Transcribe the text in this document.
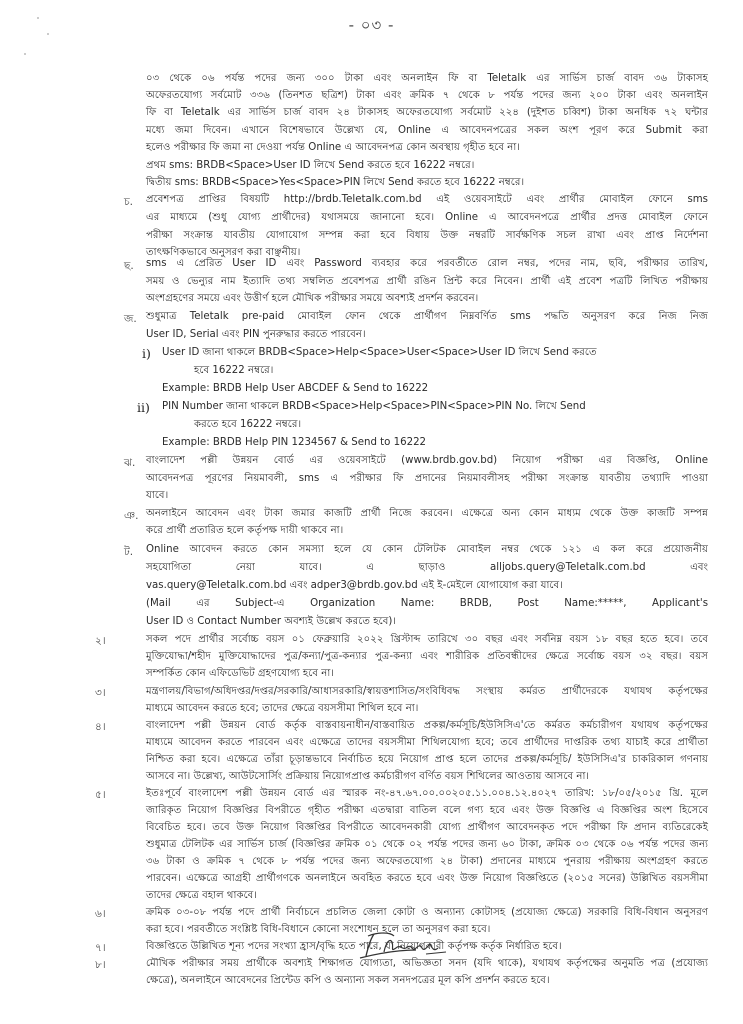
- ০৩ -
০৩ থেকে ০৬ পর্যন্ত পদের জন্য ৩০০ টাকা এবং অনলাইন ফি বা Teletalk এর সার্ভিস চার্জ বাবদ ৩৬ টাকাসহ
অফেরতযোগ্য সর্বমোট ৩৩৬ (তিনশত ছত্রিশ) টাকা এবং ক্রমিক ৭ থেকে ৮ পর্যন্ত পদের জন্য ২০০ টাকা এবং অনলাইন
ফি বা Teletalk এর সার্ভিস চার্জ বাবদ ২৪ টাকাসহ অফেরতযোগ্য সর্বমোট ২২৪ (দুইশত চব্বিশ) টাকা অনধিক ৭২ ঘন্টার
মধ্যে জমা দিবেন। এখানে বিশেষভাবে উল্লেখ্য যে, Online এ আবেদনপত্রের সকল অংশ পূরণ করে Submit করা
হলেও পরীক্ষার ফি জমা না দেওয়া পর্যন্ত Online এ আবেদনপত্র কোন অবস্থায় গৃহীত হবে না।
প্রথম sms: BRDB<Space>User ID লিখে Send করতে হবে 16222 নম্বরে।
দ্বিতীয় sms: BRDB<Space>Yes<Space>PIN লিখে Send করতে হবে 16222 নম্বরে।
চ. প্রবেশপত্র প্রাপ্তির বিষয়টি http://brdb.Teletalk.com.bd এই ওয়েবসাইটে এবং প্রার্থীর মোবাইল ফোনে sms
এর মাধ্যমে (শুধু যোগ্য প্রার্থীদের) যথাসময়ে জানানো হবে। Online এ আবেদনপত্রে প্রার্থীর প্রদত্ত মোবাইল ফোনে
পরীক্ষা সংক্রান্ত যাবতীয় যোগাযোগ সম্পন্ন করা হবে বিধায় উক্ত নম্বরটি সার্বক্ষণিক সচল রাখা এবং প্রাপ্ত নির্দেশনা
তাৎক্ষণিকভাবে অনুসরণ করা বাঞ্ছনীয়।
ছ. sms এ প্রেরিত User ID এবং Password ব্যবহার করে পরবর্তীতে রোল নম্বর, পদের নাম, ছবি, পরীক্ষার তারিখ,
সময় ও ভেন্যুর নাম ইত্যাদি তথ্য সম্বলিত প্রবেশপত্র প্রার্থী রঙিন প্রিন্ট করে নিবেন। প্রার্থী এই প্রবেশ পত্রটি লিখিত পরীক্ষায়
অংশগ্রহণের সময়ে এবং উত্তীর্ণ হলে মৌখিক পরীক্ষার সময়ে অবশ্যই প্রদর্শন করবেন।
জ. শুধুমাত্র Teletalk pre-paid মোবাইল ফোন থেকে প্রার্থীগণ নিম্নবর্ণিত sms পদ্ধতি অনুসরণ করে নিজ নিজ
User ID, Serial এবং PIN পুনরুদ্ধার করতে পারবেন।
i) User ID জানা থাকলে BRDB<Space>Help<Space>User<Space>User ID লিখে Send করতে
হবে 16222 নম্বরে।
Example: BRDB Help User ABCDEF & Send to 16222
ii) PIN Number জানা থাকলে BRDB<Space>Help<Space>PIN<Space>PIN No. লিখে Send
করতে হবে 16222 নম্বরে।
Example: BRDB Help PIN 1234567 & Send to 16222
ঝ. বাংলাদেশ পল্লী উন্নয়ন বোর্ড এর ওয়েবসাইটে (www.brdb.gov.bd) নিয়োগ পরীক্ষা এর বিজ্ঞপ্তি, Online
আবেদনপত্র পূরণের নিয়মাবলী, sms এ পরীক্ষার ফি প্রদানের নিয়মাবলীসহ পরীক্ষা সংক্রান্ত যাবতীয় তথ্যাদি পাওয়া
যাবে।
ঞ. অনলাইনে আবেদন এবং টাকা জমার কাজটি প্রার্থী নিজে করবেন। এক্ষেত্রে অন্য কোন মাধ্যম থেকে উক্ত কাজটি সম্পন্ন
করে প্রার্থী প্রতারিত হলে কর্তৃপক্ষ দায়ী থাকবে না।
ট. Online আবেদন করতে কোন সমস্যা হলে যে কোন টেলিটক মোবাইল নম্বর থেকে ১২১ এ কল করে প্রয়োজনীয়
সহযোগিতা নেয়া যাবে। এ ছাড়াও alljobs.query@Teletalk.com.bd এবং
vas.query@Teletalk.com.bd এবং adper3@brdb.gov.bd এই ই-মেইলে যোগাযোগ করা যাবে।
(Mail এর Subject-এ Organization Name: BRDB, Post Name:*****, Applicant's
User ID ও Contact Number অবশ্যই উল্লেখ করতে হবে)।
২।	সকল পদে প্রার্থীর সর্বোচ্চ বয়স ০১ ফেব্রুয়ারি ২০২২ খ্রিস্টাব্দ তারিখে ৩০ বছর এবং সর্বনিম্ন বয়স ১৮ বছর হতে হবে। তবে
মুক্তিযোদ্ধা/শহীদ মুক্তিযোদ্ধাদের পুত্র/কন্যা/পুত্র-কন্যার পুত্র-কন্যা এবং শারীরিক প্রতিবন্ধীদের ক্ষেত্রে সর্বোচ্চ বয়স ৩২ বছর। বয়স
সম্পর্কিত কোন এফিডেভিট গ্রহণযোগ্য হবে না।
৩।	মন্ত্রণালয়/বিভাগ/অধিদপ্তর/দপ্তর/সরকারি/আধাসরকারি/স্বায়ত্তশাসিত/সংবিধিবদ্ধ সংস্থায় কর্মরত প্রার্থীদেরকে যথাযথ কর্তৃপক্ষের
মাধ্যমে আবেদন করতে হবে; তাদের ক্ষেত্রে বয়সসীমা শিথিল হবে না।
৪।	বাংলাদেশ পল্লী উন্নয়ন বোর্ড কর্তৃক বাস্তবায়নাধীন/বাস্তবায়িত প্রকল্প/কর্মসূচি/ইউসিসিএ'তে কর্মরত কর্মচারীগণ যথাযথ কর্তৃপক্ষের
মাধ্যমে আবেদন করতে পারবেন এবং এক্ষেত্রে তাদের বয়সসীমা শিথিলযোগ্য হবে; তবে প্রার্থীদের দাপ্তরিক তথ্য যাচাই করে প্রার্থীতা
নিশ্চিত করা হবে। এক্ষেত্রে তাঁরা চূড়ান্তভাবে নির্বাচিত হয়ে নিয়োগ প্রাপ্ত হলে তাদের প্রকল্প/কর্মসূচি/ ইউসিসিএ'র চাকরিকাল গণনায়
আসবে না। উল্লেখ্য, আউটসোর্সিং প্রক্রিয়ায় নিয়োগপ্রাপ্ত কর্মচারীগণ বর্ণিত বয়স শিথিলের আওতায় আসবে না।
৫।	ইতঃপূর্বে বাংলাদেশ পল্লী উন্নয়ন বোর্ড এর স্মারক নং-৪৭.৬৭.০০.০০২০৫.১১.০০৪.১২.৪০২৭ তারিখ: ১৮/০৫/২০১৫ খ্রি. মূলে
জারিকৃত নিয়োগ বিজ্ঞপ্তির বিপরীতে গৃহীত পরীক্ষা এতদ্বারা বাতিল বলে গণ্য হবে এবং উক্ত বিজ্ঞপ্তি এ বিজ্ঞপ্তির অংশ হিসেবে
বিবেচিত হবে। তবে উক্ত নিয়োগ বিজ্ঞপ্তির বিপরীতে আবেদনকারী যোগ্য প্রার্থীগণ আবেদনকৃত পদে পরীক্ষা ফি প্রদান ব্যতিরেকেই
শুধুমাত্র টেলিটক এর সার্ভিস চার্জ (বিজ্ঞপ্তির ক্রমিক ০১ থেকে ০২ পর্যন্ত পদের জন্য ৬০ টাকা, ক্রমিক ০৩ থেকে ০৬ পর্যন্ত পদের জন্য
৩৬ টাকা ও ক্রমিক ৭ থেকে ৮ পর্যন্ত পদের জন্য অফেরতযোগ্য ২৪ টাকা) প্রদানের মাধ্যমে পুনরায় পরীক্ষায় অংশগ্রহণ করতে
পারবেন। এক্ষেত্রে আগ্রহী প্রার্থীগণকে অনলাইনে অবহিত করতে হবে এবং উক্ত নিয়োগ বিজ্ঞপ্তিতে (২০১৫ সনের) উল্লিখিত বয়সসীমা
তাদের ক্ষেত্রে বহাল থাকবে।
৬।	ক্রমিক ০৩-০৮ পর্যন্ত পদে প্রার্থী নির্বাচনে প্রচলিত জেলা কোটা ও অন্যান্য কোটাসহ (প্রযোজ্য ক্ষেত্রে) সরকারি বিধি-বিধান অনুসরণ
করা হবে। পরবর্তীতে সংশ্লিষ্ট বিধি-বিধানে কোনো সংশোধন হলে তা অনুসরণ করা হবে।
৭।	বিজ্ঞপ্তিতে উল্লিখিত শূন্য পদের সংখ্যা হ্রাস/বৃদ্ধি হতে পারে, যা নিয়োগকারী কর্তৃপক্ষ কর্তৃক নির্ধারিত হবে।
৮।	মৌখিক পরীক্ষার সময় প্রার্থীকে অবশ্যই শিক্ষাগত যোগ্যতা, অভিজ্ঞতা সনদ (যদি থাকে), যথাযথ কর্তৃপক্ষের অনুমতি পত্র (প্রযোজ্য
ক্ষেত্রে), অনলাইনে আবেদনের প্রিন্টেড কপি ও অন্যান্য সকল সনদপত্রের মূল কপি প্রদর্শন করতে হবে।
